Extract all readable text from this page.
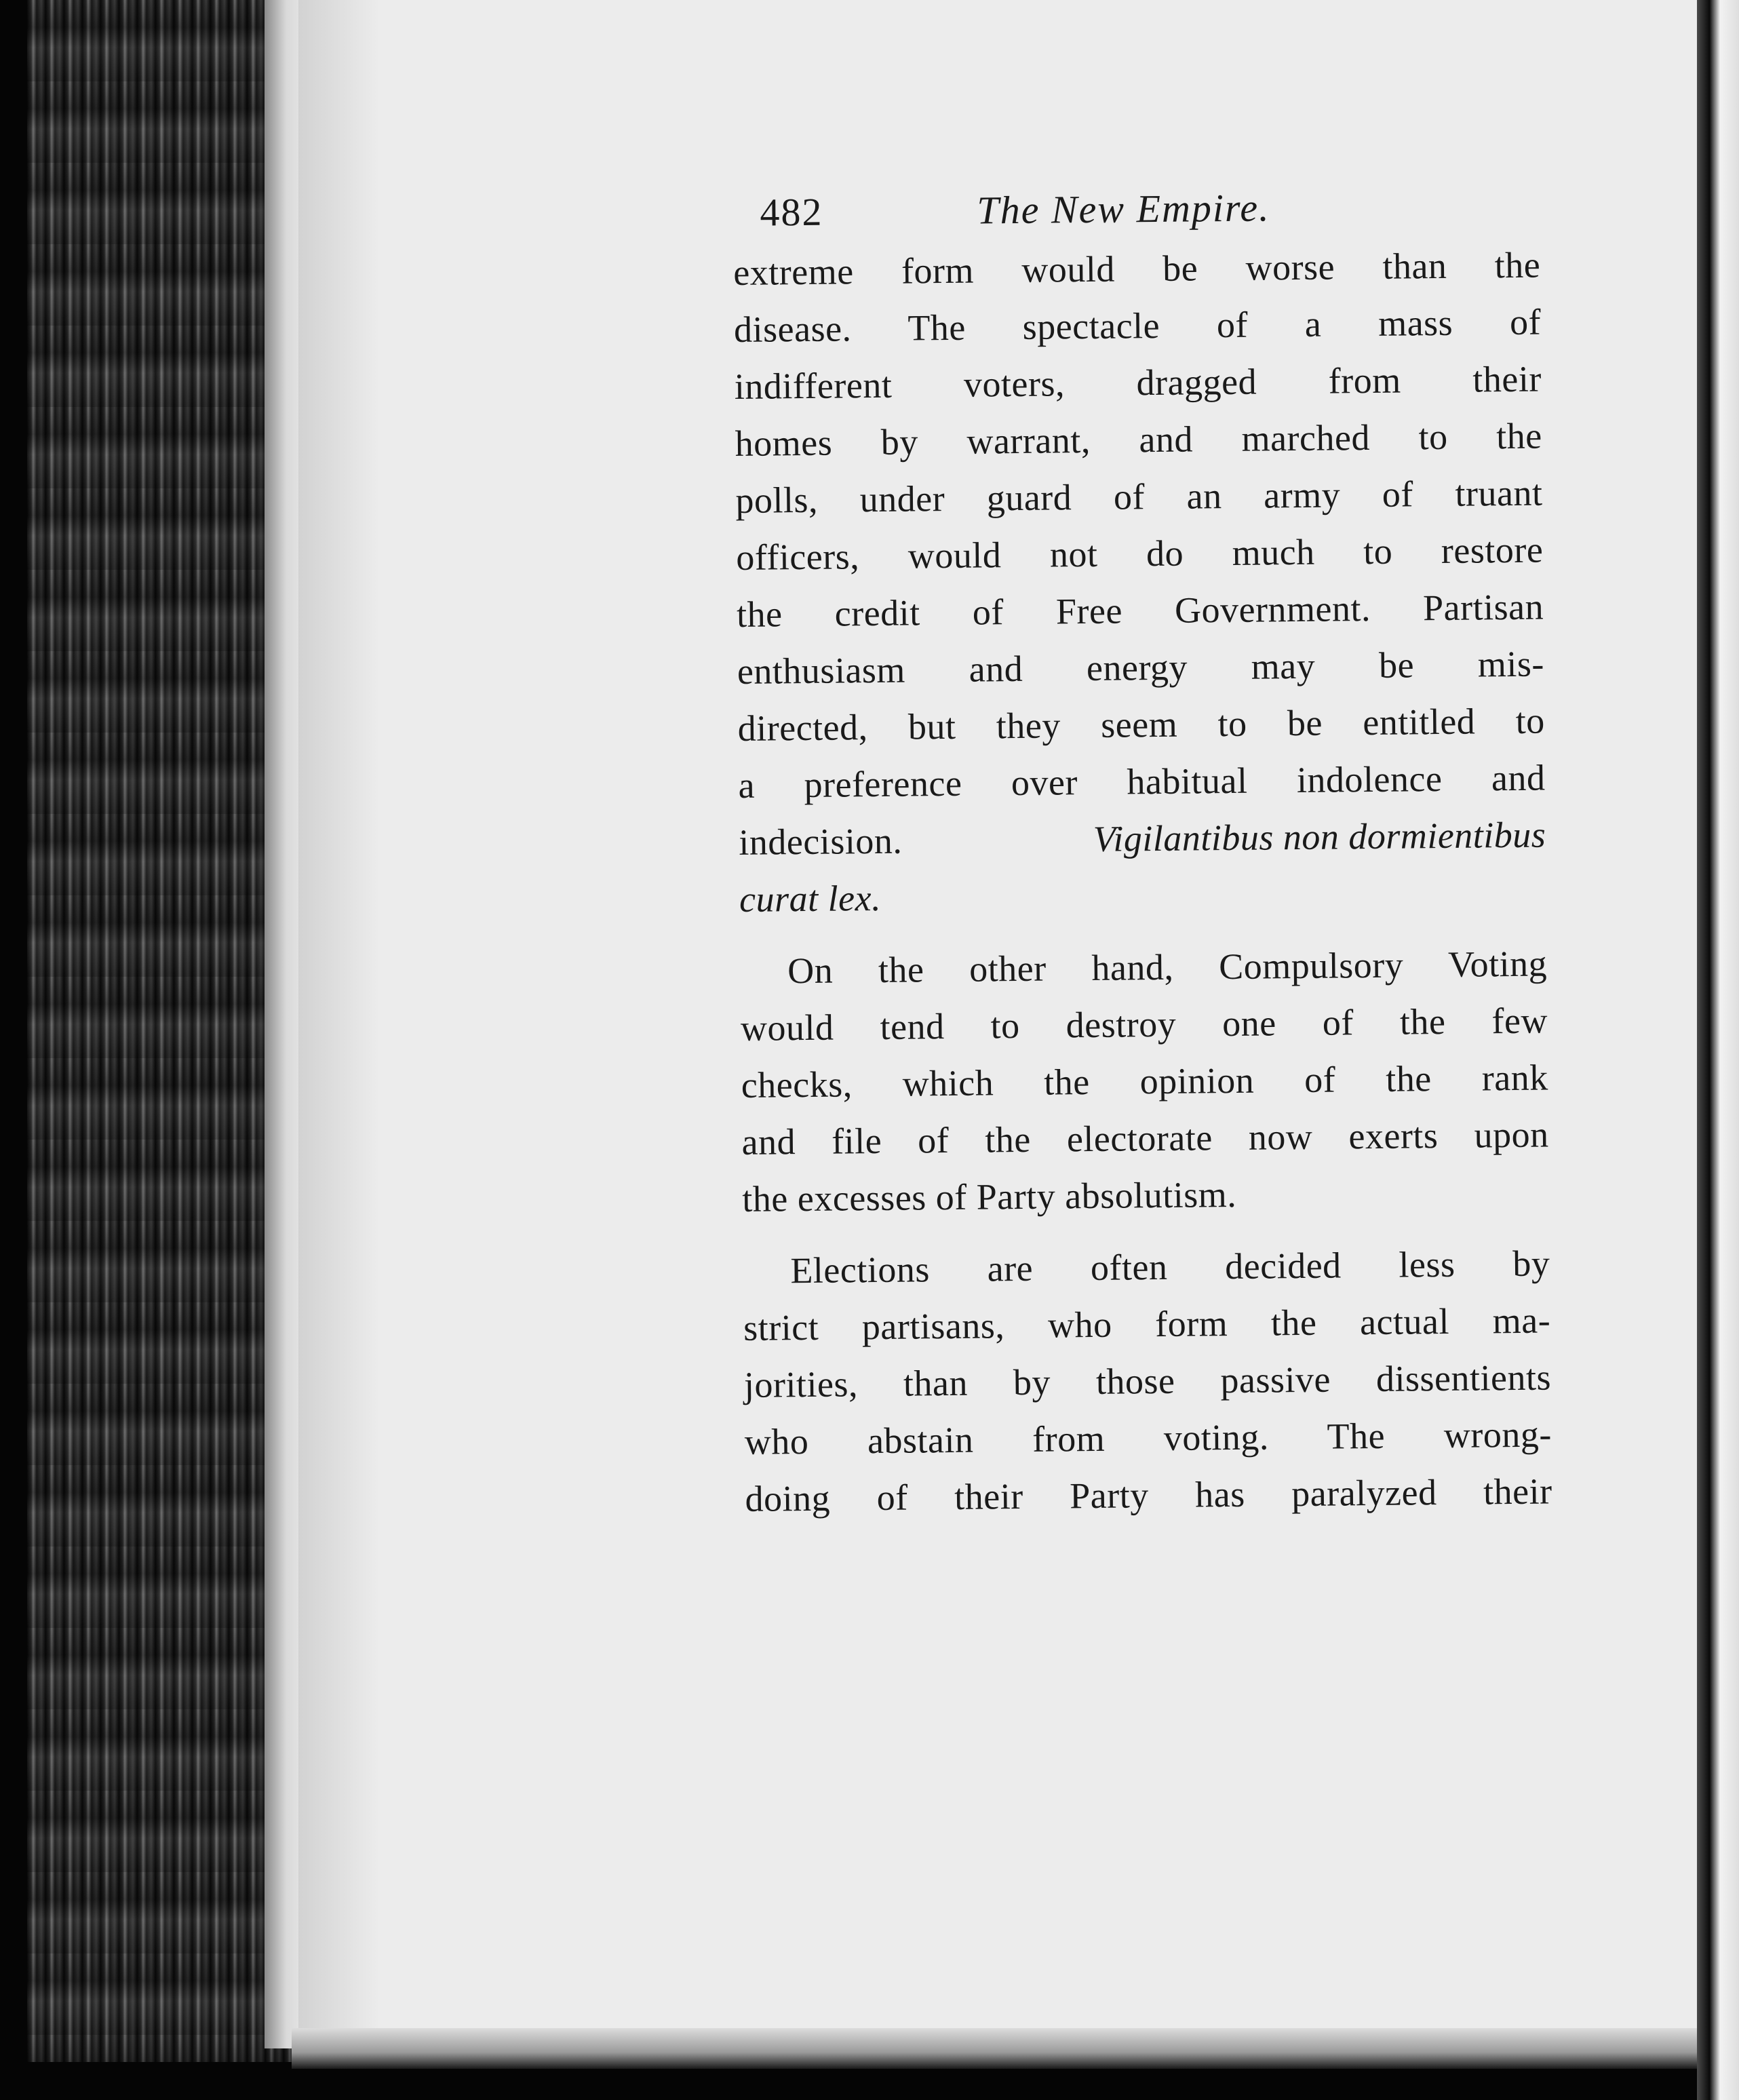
482	The New Empire.
extreme form would be worse than the
disease. The spectacle of a mass of
indifferent voters, dragged from their
homes by warrant, and marched to the
polls, under guard of an army of truant
officers, would not do much to restore
the credit of Free Government. Partisan
enthusiasm and energy may be mis-
directed, but they seem to be entitled to
a preference over habitual indolence and
indecision.	Vigilantibus non dormientibus
curat lex.
On the other hand, Compulsory Voting
would tend to destroy one of the few
checks, which the opinion of the rank
and file of the electorate now exerts upon
the excesses of Party absolutism.
Elections are often decided less by
strict partisans, who form the actual ma-
jorities, than by those passive dissentients
who abstain from voting. The wrong-
doing of their Party has paralyzed their
